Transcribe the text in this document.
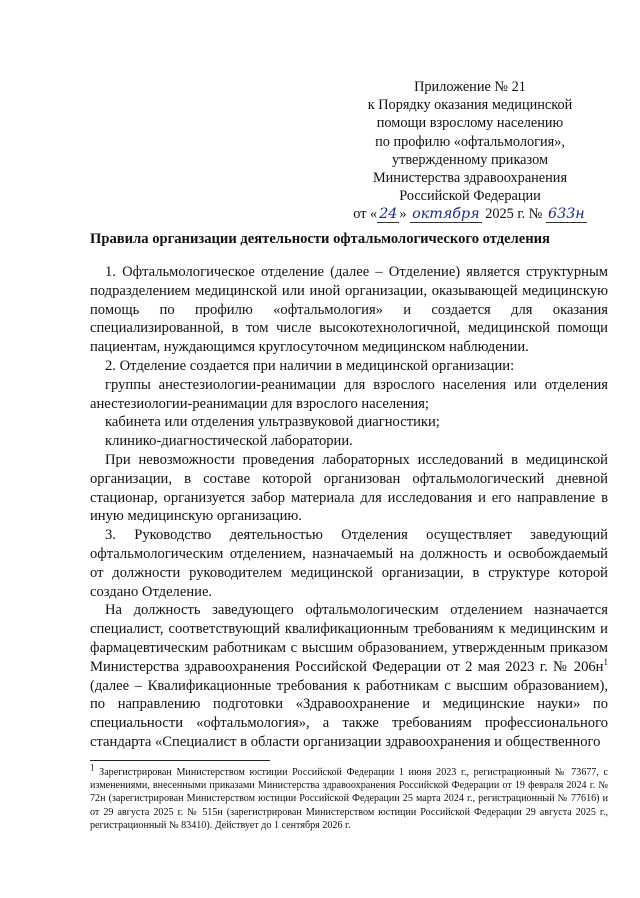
Приложение № 21
к Порядку оказания медицинской
помощи взрослому населению
по профилю «офтальмология»,
утвержденному приказом
Министерства здравоохранения
Российской Федерации
от « 24 » октября 2025 г. № 633н
Правила организации деятельности офтальмологического отделения

1. Офтальмологическое отделение (далее – Отделение) является структурным подразделением медицинской или иной организации, оказывающей медицинскую помощь по профилю «офтальмология» и создается для оказания специализированной, в том числе высокотехнологичной, медицинской помощи пациентам, нуждающимся круглосуточном медицинском наблюдении.

2. Отделение создается при наличии в медицинской организации:

группы анестезиологии-реанимации для взрослого населения или отделения анестезиологии-реанимации для взрослого населения;

кабинета или отделения ультразвуковой диагностики;

клинико-диагностической лаборатории.

При невозможности проведения лабораторных исследований в медицинской организации, в составе которой организован офтальмологический дневной стационар, организуется забор материала для исследования и его направление в иную медицинскую организацию.

3. Руководство деятельностью Отделения осуществляет заведующий офтальмологическим отделением, назначаемый на должность и освобождаемый от должности руководителем медицинской организации, в структуре которой создано Отделение.

На должность заведующего офтальмологическим отделением назначается специалист, соответствующий квалификационным требованиям к медицинским и фармацевтическим работникам с высшим образованием, утвержденным приказом Министерства здравоохранения Российской Федерации от 2 мая 2023 г. № $206н^1$ (далее – Квалификационные требования к работникам с высшим образованием), по направлению подготовки «Здравоохранение и медицинские науки» по специальности «офтальмология», а также требованиям профессионального стандарта «Специалист в области организации здравоохранения и общественного

$^1$ Зарегистрирован Министерством юстиции Российской Федерации 1 июня 2023 г., регистрационный № 73677, с изменениями, внесенными приказами Министерства здравоохранения Российской Федерации от 19 февраля 2024 г. № 72н (зарегистрирован Министерством юстиции Российской Федерации 25 марта 2024 г., регистрационный № 77616) и от 29 августа 2025 г. № 515н (зарегистрирован Министерством юстиции Российской Федерации 29 августа 2025 г., регистрационный № 83410). Действует до 1 сентября 2026 г.
